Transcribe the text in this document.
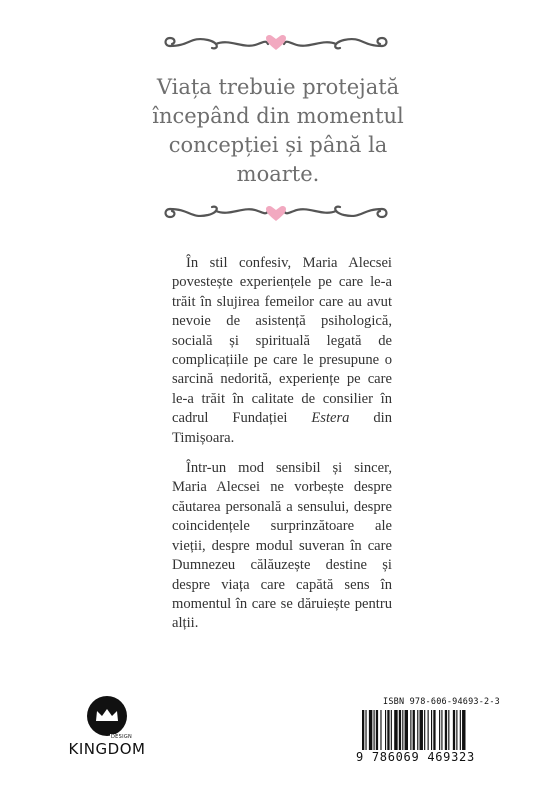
Viața trebuie protejată începând din momentul concepției și până la moarte.

În stil confesiv, Maria Alecsei povestește experiențele pe care le-a trăit în slujirea femeilor care au avut nevoie de asistență psihologică, socială și spirituală legată de complicațiile pe care le presupune o sarcină nedorită, experiențe pe care le-a trăit în calitate de consilier în cadrul Fundației Estera din Timișoara.

Într-un mod sensibil și sincer, Maria Alecsei ne vorbește despre căutarea personală a sensului, despre coincidențele surprinzătoare ale vieții, despre modul suveran în care Dumnezeu călăuzește destine și despre viața care capătă sens în momentul în care se dăruiește pentru alții.

DESIGN
KINGDOM
ISBN 978-606-94693-2-3
9 786069 469323
